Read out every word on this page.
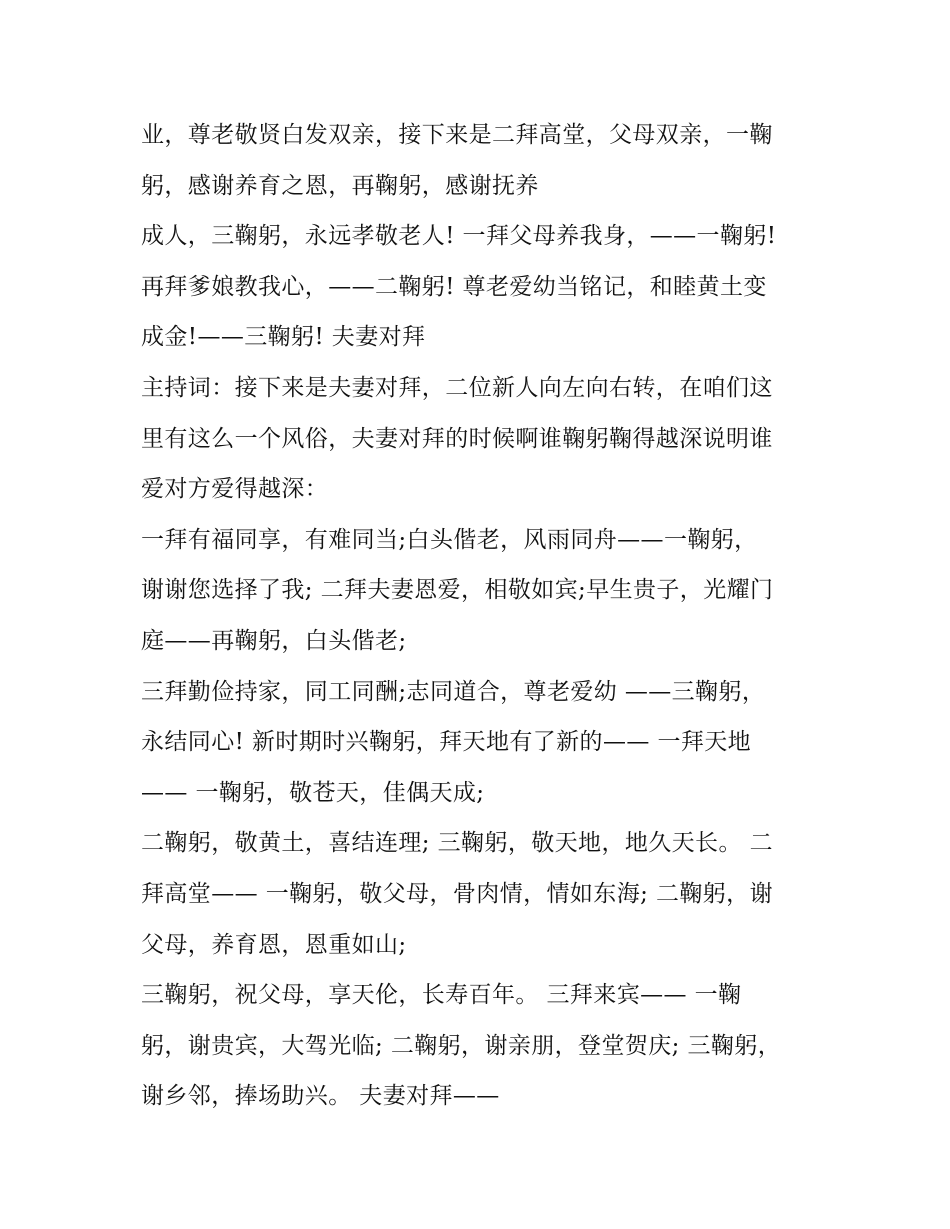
业，尊老敬贤白发双亲，接下来是二拜高堂，父母双亲，一鞠
躬，感谢养育之恩，再鞠躬，感谢抚养
成人，三鞠躬，永远孝敬老人! 一拜父母养我身，——一鞠躬!
再拜爹娘教我心，——二鞠躬! 尊老爱幼当铭记，和睦黄土变
成金!——三鞠躬! 夫妻对拜
主持词：接下来是夫妻对拜，二位新人向左向右转，在咱们这
里有这么一个风俗，夫妻对拜的时候啊谁鞠躬鞠得越深说明谁
爱对方爱得越深：
一拜有福同享，有难同当;白头偕老，风雨同舟——一鞠躬，
谢谢您选择了我; 二拜夫妻恩爱，相敬如宾;早生贵子，光耀门
庭——再鞠躬，白头偕老;
三拜勤俭持家，同工同酬;志同道合，尊老爱幼 ——三鞠躬，
永结同心! 新时期时兴鞠躬，拜天地有了新的—— 一拜天地
—— 一鞠躬，敬苍天，佳偶天成;
二鞠躬，敬黄土，喜结连理; 三鞠躬，敬天地，地久天长。 二
拜高堂—— 一鞠躬，敬父母，骨肉情，情如东海; 二鞠躬，谢
父母，养育恩，恩重如山;
三鞠躬，祝父母，享天伦，长寿百年。 三拜来宾—— 一鞠
躬，谢贵宾，大驾光临; 二鞠躬，谢亲朋，登堂贺庆; 三鞠躬，
谢乡邻，捧场助兴。 夫妻对拜——
